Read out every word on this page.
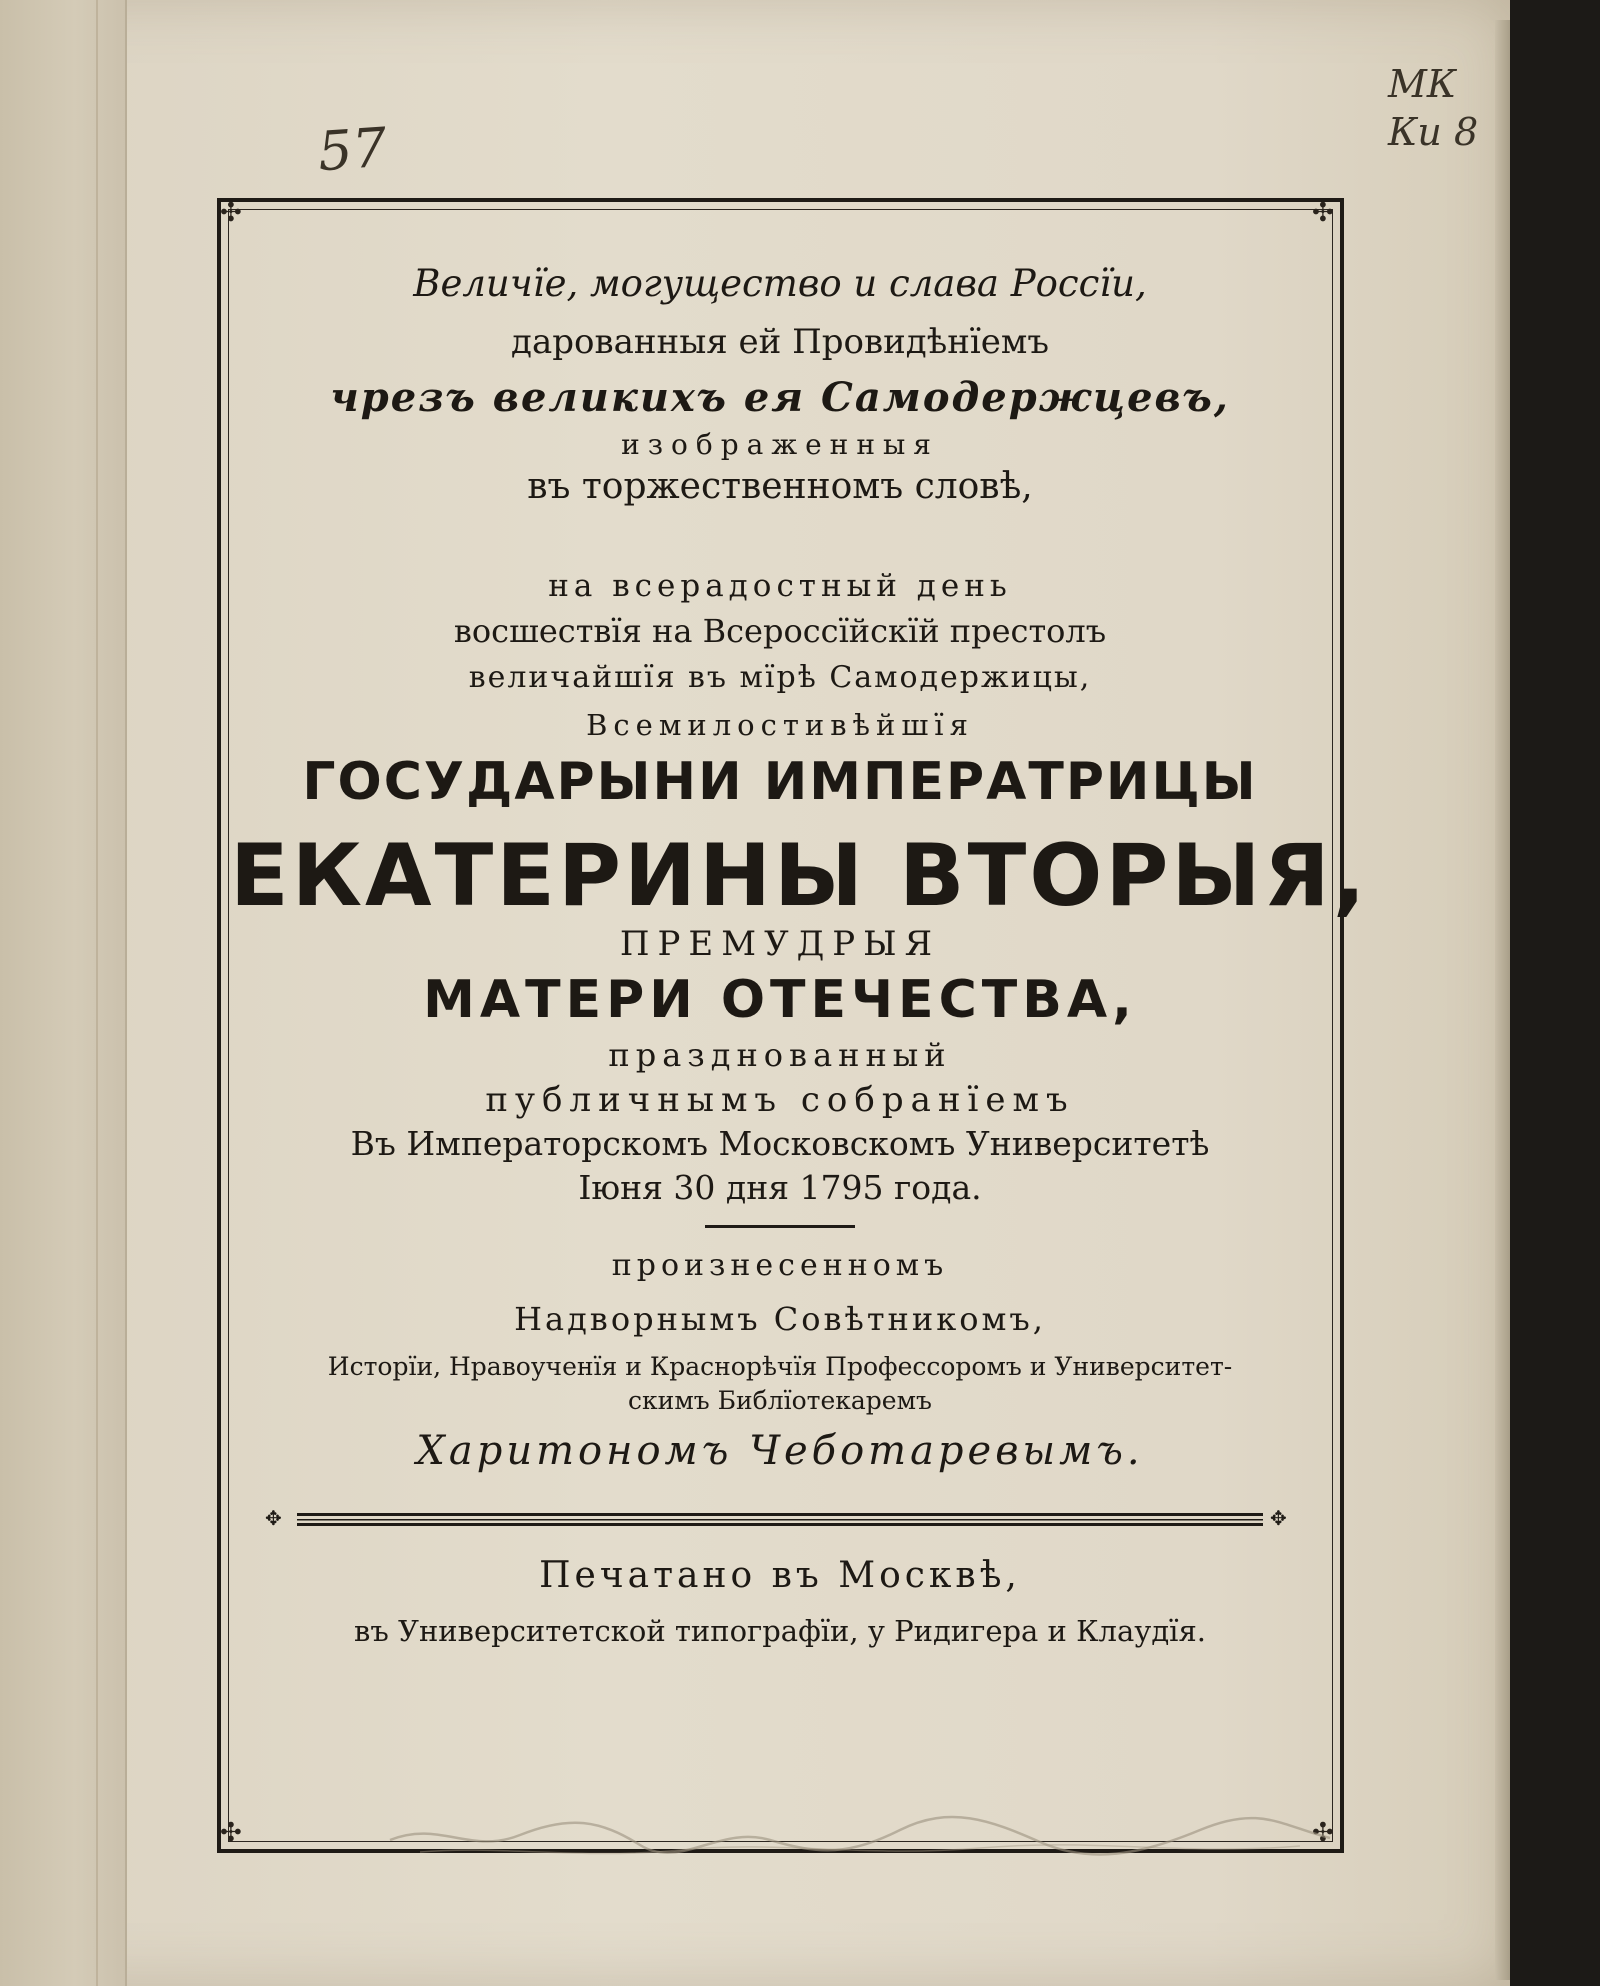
57
МК
Ки 8
✣	✣
✣	✣
Величїе, могущество и слава Россїи,
дарованныя ей Провидѣнїемъ
чрезъ великихъ ея Самодержцевъ,
изображенныя
въ торжественномъ словѣ,
на всерадостный день
восшествїя на Всероссїйскїй престолъ
величайшїя въ мїрѣ Самодержицы,
Всемилостивѣйшїя
ГОСУДАРЫНИ ИМПЕРАТРИЦЫ
ЕКАТЕРИНЫ ВТОРЫЯ,
ПРЕМУДРЫЯ
МАТЕРИ ОТЕЧЕСТВА,
празднованный
публичнымъ собранїемъ
Въ Императорскомъ Московскомъ Университетѣ
Iюня 30 дня 1795 года.
произнесенномъ
Надворнымъ Совѣтникомъ,
Исторїи, Нравоученїя и Краснорѣчїя Профессоромъ и Университет-
скимъ Библїотекаремъ
Харитономъ Чеботаревымъ.
✥	✥
Печатано въ Москвѣ,
въ Университетской типографїи, у Ридигера и Клаудїя.
